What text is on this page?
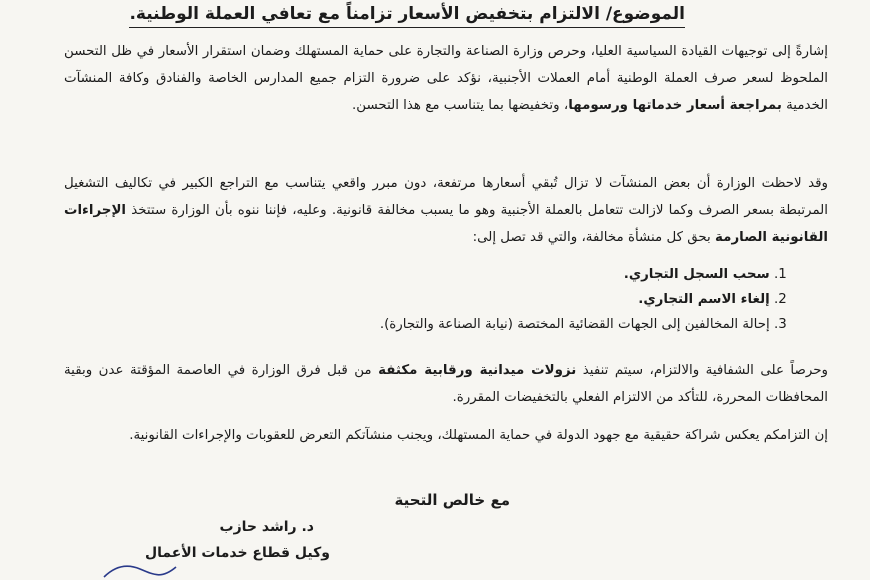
الموضوع/ الالتزام بتخفيض الأسعار تزامناً مع تعافي العملة الوطنية.

إشارةً إلى توجيهات القيادة السياسية العليا، وحرص وزارة الصناعة والتجارة على حماية المستهلك وضمان استقرار الأسعار في ظل التحسن الملحوظ لسعر صرف العملة الوطنية أمام العملات الأجنبية، نؤكد على ضرورة التزام جميع المدارس الخاصة والفنادق وكافة المنشآت الخدمية بمراجعة أسعار خدماتها ورسومها، وتخفيضها بما يتناسب مع هذا التحسن.

وقد لاحظت الوزارة أن بعض المنشآت لا تزال تُبقي أسعارها مرتفعة، دون مبرر واقعي يتناسب مع التراجع الكبير في تكاليف التشغيل المرتبطة بسعر الصرف وكما لازالت تتعامل بالعملة الأجنبية وهو ما يسبب مخالفة قانونية. وعليه، فإننا ننوه بأن الوزارة ستتخذ الإجراءات القانونية الصارمة بحق كل منشأة مخالفة، والتي قد تصل إلى:

.1 سحب السجل التجاري.
.2 إلغاء الاسم التجاري.
.3 إحالة المخالفين إلى الجهات القضائية المختصة (نيابة الصناعة والتجارة).

وحرصاً على الشفافية والالتزام، سيتم تنفيذ نزولات ميدانية ورقابية مكثفة من قبل فرق الوزارة في العاصمة المؤقتة عدن وبقية المحافظات المحررة، للتأكد من الالتزام الفعلي بالتخفيضات المقررة.

إن التزامكم يعكس شراكة حقيقية مع جهود الدولة في حماية المستهلك، ويجنب منشآتكم التعرض للعقوبات والإجراءات القانونية.

مع خالص التحية
د. راشد حازب
وكيل قطاع خدمات الأعمال
